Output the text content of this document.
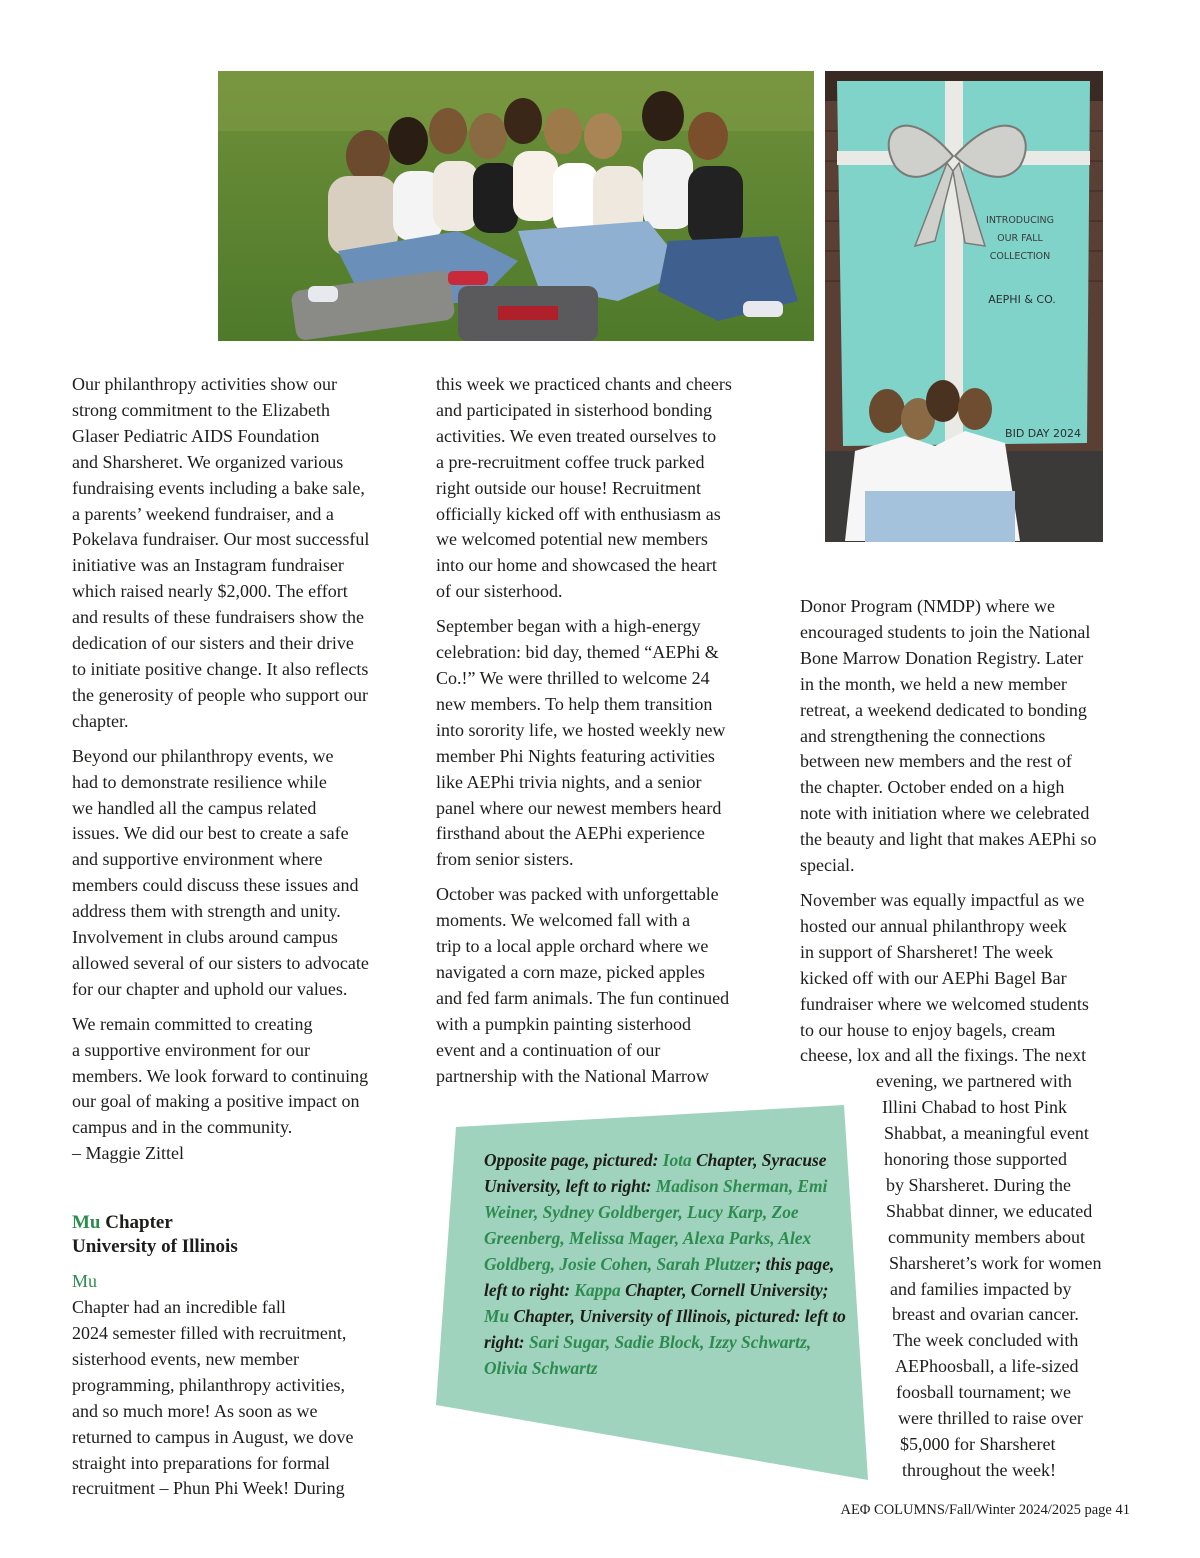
INTRODUCING
OUR FALL
COLLECTION
AEPHI & CO.
BID DAY 2024

Our philanthropy activities show our
strong commitment to the Elizabeth
Glaser Pediatric AIDS Foundation
and Sharsheret. We organized various
fundraising events including a bake sale,
a parents’ weekend fundraiser, and a
Pokelava fundraiser. Our most successful
initiative was an Instagram fundraiser
which raised nearly $2,000. The effort
and results of these fundraisers show the
dedication of our sisters and their drive
to initiate positive change. It also reflects
the generosity of people who support our
chapter.

Beyond our philanthropy events, we
had to demonstrate resilience while
we handled all the campus related
issues. We did our best to create a safe
and supportive environment where
members could discuss these issues and
address them with strength and unity.
Involvement in clubs around campus
allowed several of our sisters to advocate
for our chapter and uphold our values.

We remain committed to creating
a supportive environment for our
members. We look forward to continuing
our goal of making a positive impact on
campus and in the community.
– Maggie Zittel

Mu Chapter
University of Illinois

Mu
Chapter had an incredible fall
2024 semester filled with recruitment,
sisterhood events, new member
programming, philanthropy activities,
and so much more! As soon as we
returned to campus in August, we dove
straight into preparations for formal
recruitment – Phun Phi Week! During

this week we practiced chants and cheers
and participated in sisterhood bonding
activities. We even treated ourselves to
a pre-recruitment coffee truck parked
right outside our house! Recruitment
officially kicked off with enthusiasm as
we welcomed potential new members
into our home and showcased the heart
of our sisterhood.

September began with a high-energy
celebration: bid day, themed “AEPhi &
Co.!” We were thrilled to welcome 24
new members. To help them transition
into sorority life, we hosted weekly new
member Phi Nights featuring activities
like AEPhi trivia nights, and a senior
panel where our newest members heard
firsthand about the AEPhi experience
from senior sisters.

October was packed with unforgettable
moments. We welcomed fall with a
trip to a local apple orchard where we
navigated a corn maze, picked apples
and fed farm animals. The fun continued
with a pumpkin painting sisterhood
event and a continuation of our
partnership with the National Marrow

Opposite page, pictured: Iota Chapter, Syracuse University, left to right: Madison Sherman, Emi Weiner, Sydney Goldberger, Lucy Karp, Zoe Greenberg, Melissa Mager, Alexa Parks, Alex Goldberg, Josie Cohen, Sarah Plutzer; this page, left to right: Kappa Chapter, Cornell University; Mu Chapter, University of Illinois, pictured: left to right: Sari Sugar, Sadie Block, Izzy Schwartz, Olivia Schwartz

Donor Program (NMDP) where we
encouraged students to join the National
Bone Marrow Donation Registry. Later
in the month, we held a new member
retreat, a weekend dedicated to bonding
and strengthening the connections
between new members and the rest of
the chapter. October ended on a high
note with initiation where we celebrated
the beauty and light that makes AEPhi so
special.

November was equally impactful as we
hosted our annual philanthropy week
in support of Sharsheret! The week
kicked off with our AEPhi Bagel Bar
fundraiser where we welcomed students
to our house to enjoy bagels, cream
cheese, lox and all the fixings. The next
evening, we partnered with
Illini Chabad to host Pink
Shabbat, a meaningful event
honoring those supported
by Sharsheret. During the
Shabbat dinner, we educated
community members about
Sharsheret’s work for women
and families impacted by
breast and ovarian cancer.
The week concluded with
AEPhoosball, a life-sized
foosball tournament; we
were thrilled to raise over
$5,000 for Sharsheret
throughout the week!

AEΦ COLUMNS/Fall/Winter 2024/2025 page 41
